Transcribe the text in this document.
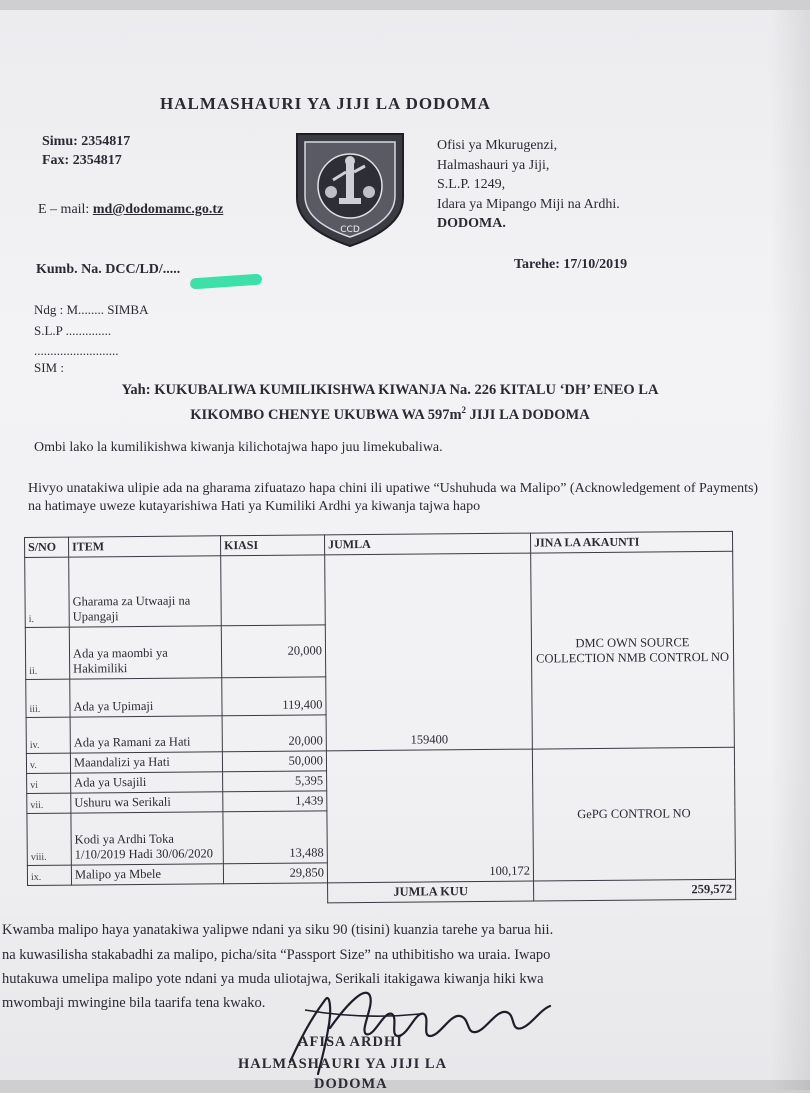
HALMASHAURI YA JIJI LA DODOMA
Simu: 2354817
Fax: 2354817
E – mail: md@dodomamc.go.tz
CCD
Ofisi ya Mkurugenzi,
Halmashauri ya Jiji,
S.L.P. 1249,
Idara ya Mipango Miji na Ardhi.
DODOMA.
Kumb. Na. DCC/LD/.....	Tarehe: 17/10/2019
Ndg : M........ SIMBA
S.L.P ..............
..........................
SIM :
Yah: KUKUBALIWA KUMILIKISHWA KIWANJA Na. 226 KITALU ‘DH’ ENEO LA
KIKOMBO CHENYE UKUBWA WA $597m^2$ JIJI LA DODOMA
Ombi lako la kumilikishwa kiwanja kilichotajwa hapo juu limekubaliwa.
Hivyo unatakiwa ulipie ada na gharama zifuatazo hapa chini ili upatiwe “Ushuhuda wa Malipo” (Acknowledgement of Payments) na hatimaye uweze kutayarishiwa Hati ya Kumiliki Ardhi ya kiwanja tajwa hapo
S/NO	ITEM	KIASI	JUMLA	JINA LA AKAUNTI
i.	Gharama za Utwaaji na Upangaji		159400	DMC OWN SOURCE COLLECTION NMB CONTROL NO
ii.	Ada ya maombi ya Hakimiliki	20,000		
iii.	Ada ya Upimaji	119,400		
iv.	Ada ya Ramani za Hati	20,000		
v.	Maandalizi ya Hati	50,000	100,172	GePG CONTROL NO
vi	Ada ya Usajili	5,395		
vii.	Ushuru wa Serikali	1,439		
viii.	Kodi ya Ardhi Toka 1/10/2019 Hadi 30/06/2020	13,488		
ix.	Malipo ya Mbele	29,850		
			JUMLA KUU	259,572
Kwamba malipo haya yanatakiwa yalipwe ndani ya siku 90 (tisini) kuanzia tarehe ya barua hii.
na kuwasilisha stakabadhi za malipo, picha/sita “Passport Size” na uthibitisho wa uraia. Iwapo
hutakuwa umelipa malipo yote ndani ya muda uliotajwa, Serikali itakigawa kiwanja hiki kwa
mwombaji mwingine bila taarifa tena kwako.
AFISA ARDHI
HALMASHAURI YA JIJI LA
DODOMA
